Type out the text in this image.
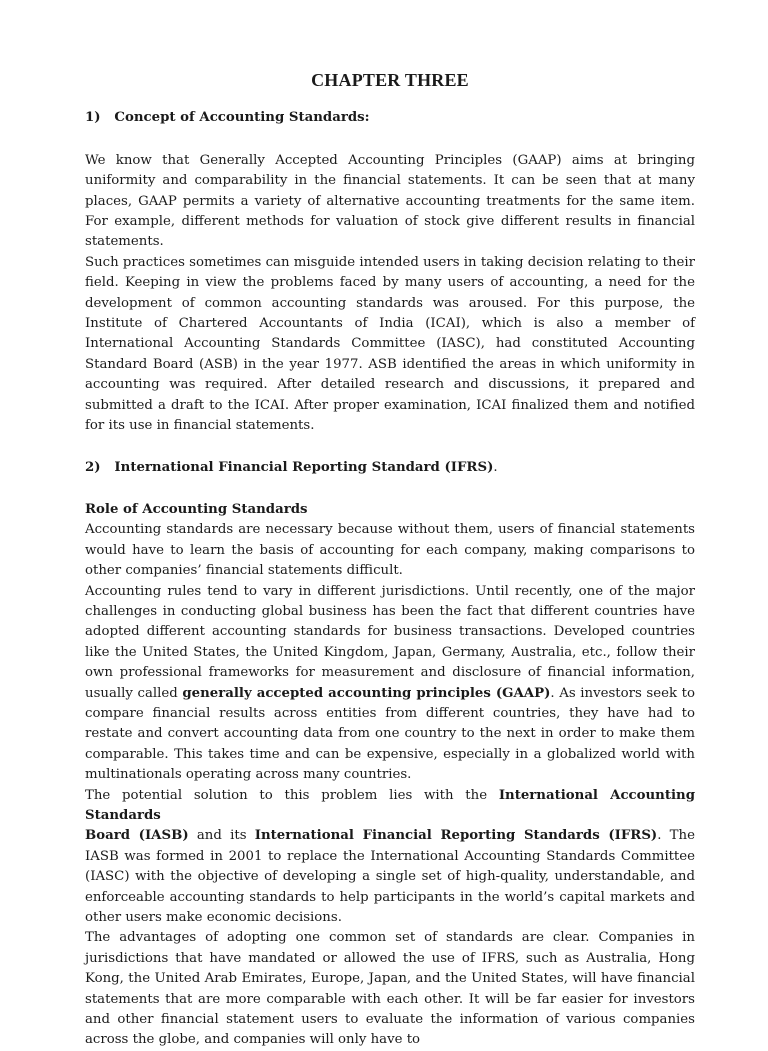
CHAPTER THREE
1)   Concept of Accounting Standards:

We know that Generally Accepted Accounting Principles (GAAP) aims at bringing uniformity and comparability in the financial statements. It can be seen that at many places, GAAP permits a variety of alternative accounting treatments for the same item. For example, different methods for valuation of stock give different results in financial statements.

Such practices sometimes can misguide intended users in taking decision relating to their field. Keeping in view the problems faced by many users of accounting, a need for the development of common accounting standards was aroused. For this purpose, the Institute of Chartered Accountants of India (ICAI), which is also a member of International Accounting Standards Committee (IASC), had constituted Accounting Standard Board (ASB) in the year 1977. ASB identified the areas in which uniformity in accounting was required. After detailed research and discussions, it prepared and submitted a draft to the ICAI. After proper examination, ICAI finalized them and notified for its use in financial statements.

2)   International Financial Reporting Standard (IFRS).
Role of Accounting Standards

Accounting standards are necessary because without them, users of financial statements would have to learn the basis of accounting for each company, making comparisons to other companies’ financial statements difficult.

Accounting rules tend to vary in different jurisdictions. Until recently, one of the major challenges in conducting global business has been the fact that different countries have adopted different accounting standards for business transactions. Developed countries like the United States, the United Kingdom, Japan, Germany, Australia, etc., follow their own professional frameworks for measurement and disclosure of financial information, usually called generally accepted accounting principles (GAAP). As investors seek to compare financial results across entities from different countries, they have had to restate and convert accounting data from one country to the next in order to make them comparable. This takes time and can be expensive, especially in a globalized world with multinationals operating across many countries.

The potential solution to this problem lies with the International Accounting Standards
Board (IASB) and its International Financial Reporting Standards (IFRS). The IASB was formed in 2001 to replace the International Accounting Standards Committee (IASC) with the objective of developing a single set of high-quality, understandable, and enforceable accounting standards to help participants in the world’s capital markets and other users make economic decisions.

The advantages of adopting one common set of standards are clear. Companies in jurisdictions that have mandated or allowed the use of IFRS, such as Australia, Hong Kong, the United Arab Emirates, Europe, Japan, and the United States, will have financial statements that are more comparable with each other. It will be far easier for investors and other financial statement users to evaluate the information of various companies across the globe, and companies will only have to
